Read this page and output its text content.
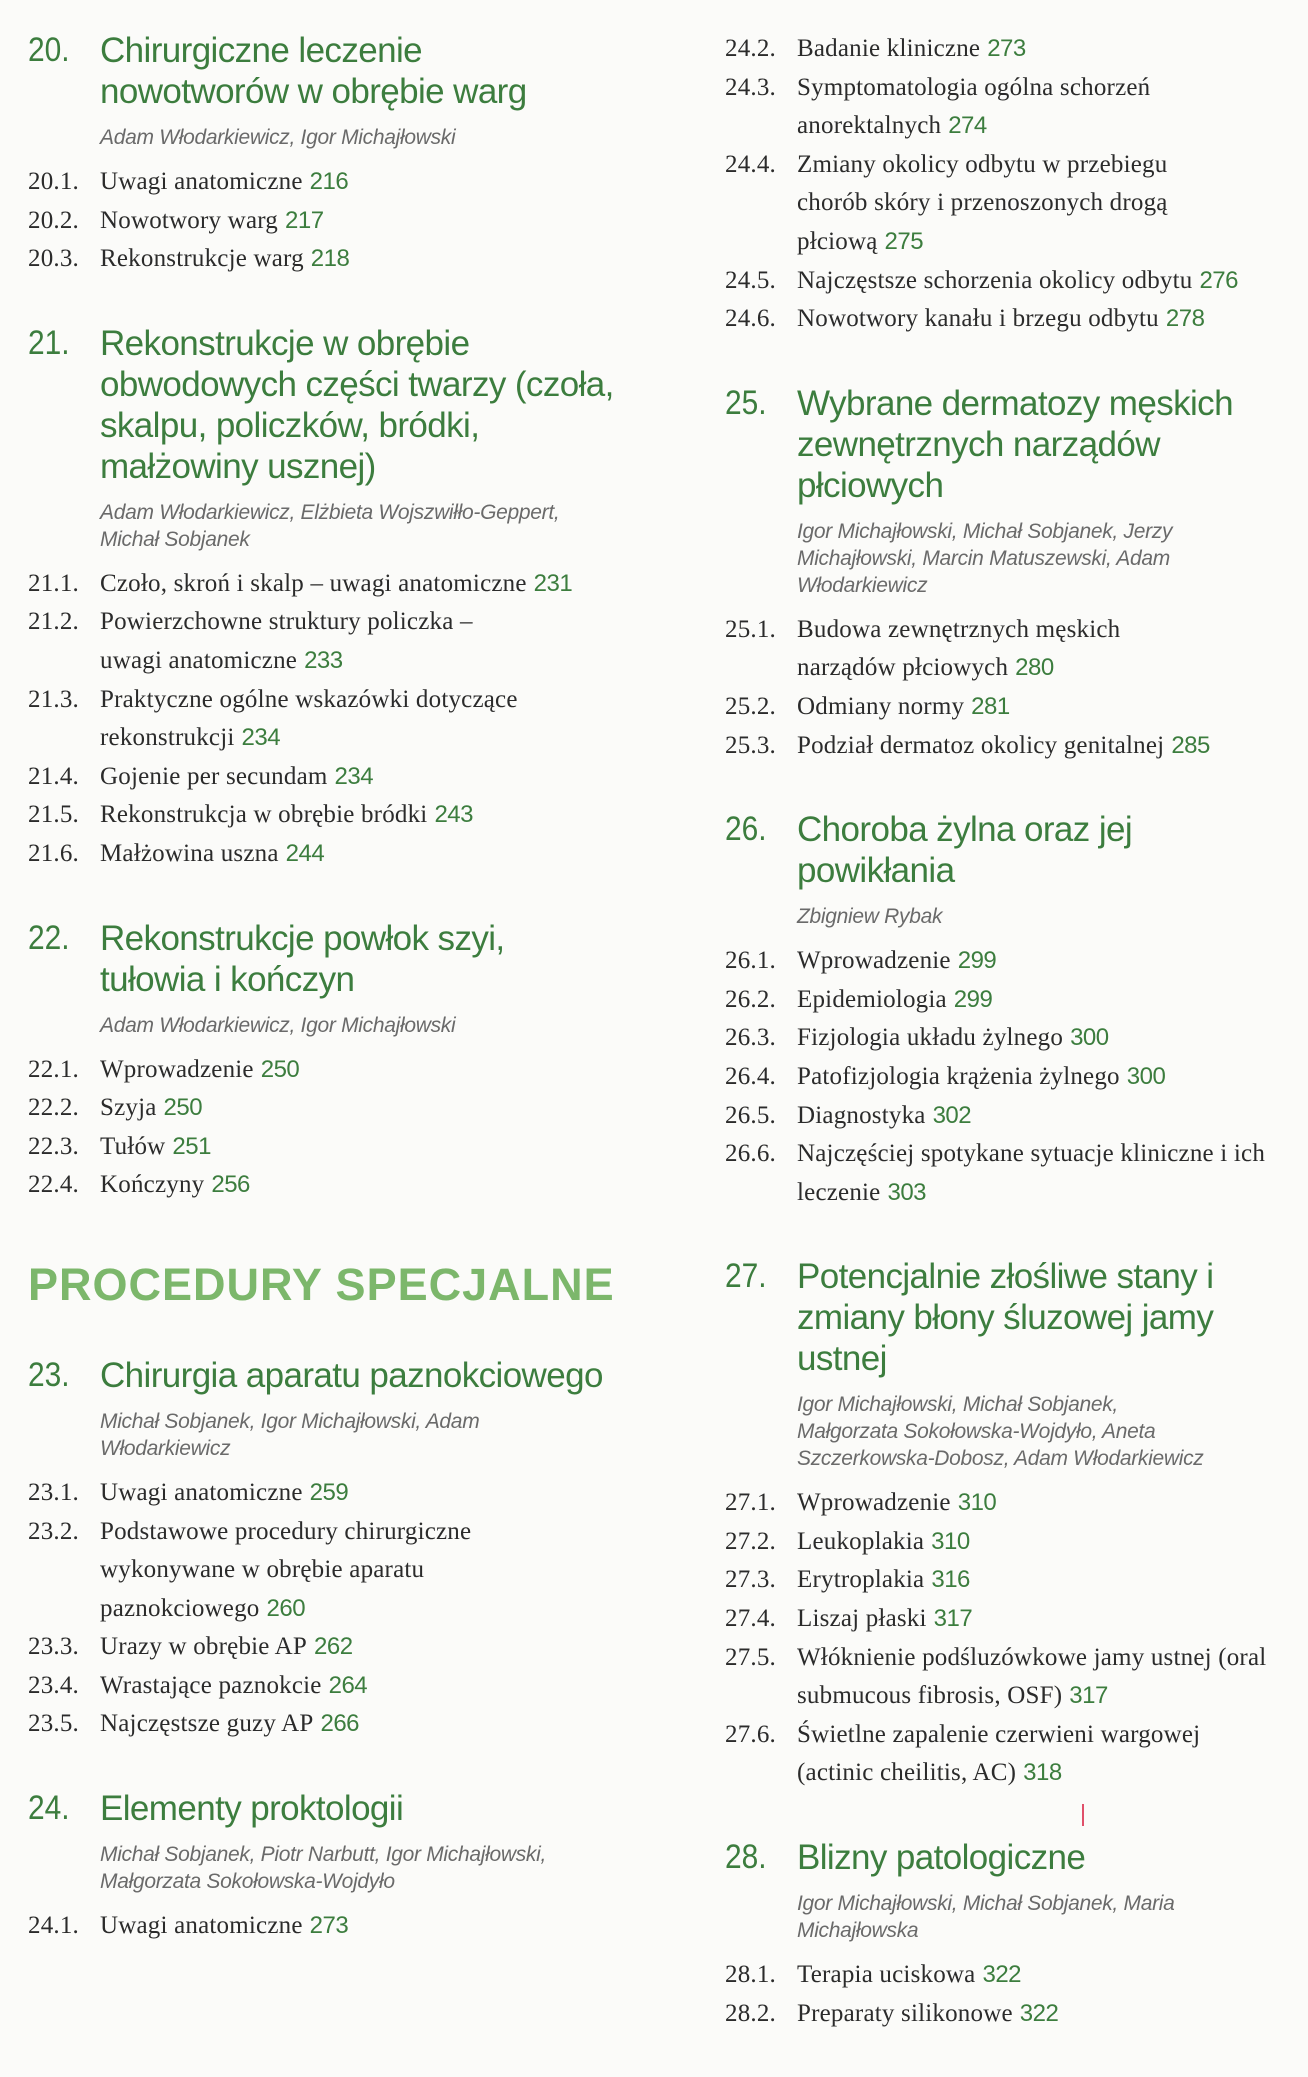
20. Chirurgiczne leczenie nowotworów w obrębie warg
Adam Włodarkiewicz, Igor Michajłowski
20.1. Uwagi anatomiczne 216
20.2. Nowotwory warg 217
20.3. Rekonstrukcje warg 218
21. Rekonstrukcje w obrębie obwodowych części twarzy (czoła, skalpu, policzków, bródki, małżowiny usznej)
Adam Włodarkiewicz, Elżbieta Wojszwiłło-Geppert, Michał Sobjanek
21.1. Czoło, skroń i skalp – uwagi anatomiczne 231
21.2. Powierzchowne struktury policzka – uwagi anatomiczne 233
21.3. Praktyczne ogólne wskazówki dotyczące rekonstrukcji 234
21.4. Gojenie per secundam 234
21.5. Rekonstrukcja w obrębie bródki 243
21.6. Małżowina uszna 244
22. Rekonstrukcje powłok szyi, tułowia i kończyn
Adam Włodarkiewicz, Igor Michajłowski
22.1. Wprowadzenie 250
22.2. Szyja 250
22.3. Tułów 251
22.4. Kończyny 256
PROCEDURY SPECJALNE
23. Chirurgia aparatu paznokciowego
Michał Sobjanek, Igor Michajłowski, Adam Włodarkiewicz
23.1. Uwagi anatomiczne 259
23.2. Podstawowe procedury chirurgiczne wykonywane w obrębie aparatu paznokciowego 260
23.3. Urazy w obrębie AP 262
23.4. Wrastające paznokcie 264
23.5. Najczęstsze guzy AP 266
24. Elementy proktologii
Michał Sobjanek, Piotr Narbutt, Igor Michajłowski, Małgorzata Sokołowska-Wojdyło
24.1. Uwagi anatomiczne 273
24.2. Badanie kliniczne 273
24.3. Symptomatologia ogólna schorzeń anorektalnych 274
24.4. Zmiany okolicy odbytu w przebiegu chorób skóry i przenoszonych drogą płciową 275
24.5. Najczęstsze schorzenia okolicy odbytu 276
24.6. Nowotwory kanału i brzegu odbytu 278
25. Wybrane dermatozy męskich zewnętrznych narządów płciowych
Igor Michajłowski, Michał Sobjanek, Jerzy Michajłowski, Marcin Matuszewski, Adam Włodarkiewicz
25.1. Budowa zewnętrznych męskich narządów płciowych 280
25.2. Odmiany normy 281
25.3. Podział dermatoz okolicy genitalnej 285
26. Choroba żylna oraz jej powikłania
Zbigniew Rybak
26.1. Wprowadzenie 299
26.2. Epidemiologia 299
26.3. Fizjologia układu żylnego 300
26.4. Patofizjologia krążenia żylnego 300
26.5. Diagnostyka 302
26.6. Najczęściej spotykane sytuacje kliniczne i ich leczenie 303
27. Potencjalnie złośliwe stany i zmiany błony śluzowej jamy ustnej
Igor Michajłowski, Michał Sobjanek, Małgorzata Sokołowska-Wojdyło, Aneta Szczerkowska-Dobosz, Adam Włodarkiewicz
27.1. Wprowadzenie 310
27.2. Leukoplakia 310
27.3. Erytroplakia 316
27.4. Liszaj płaski 317
27.5. Włóknienie podśluzówkowe jamy ustnej (oral submucous fibrosis, OSF) 317
27.6. Świetlne zapalenie czerwieni wargowej (actinic cheilitis, AC) 318
28. Blizny patologiczne
Igor Michajłowski, Michał Sobjanek, Maria Michajłowska
28.1. Terapia uciskowa 322
28.2. Preparaty silikonowe 322
